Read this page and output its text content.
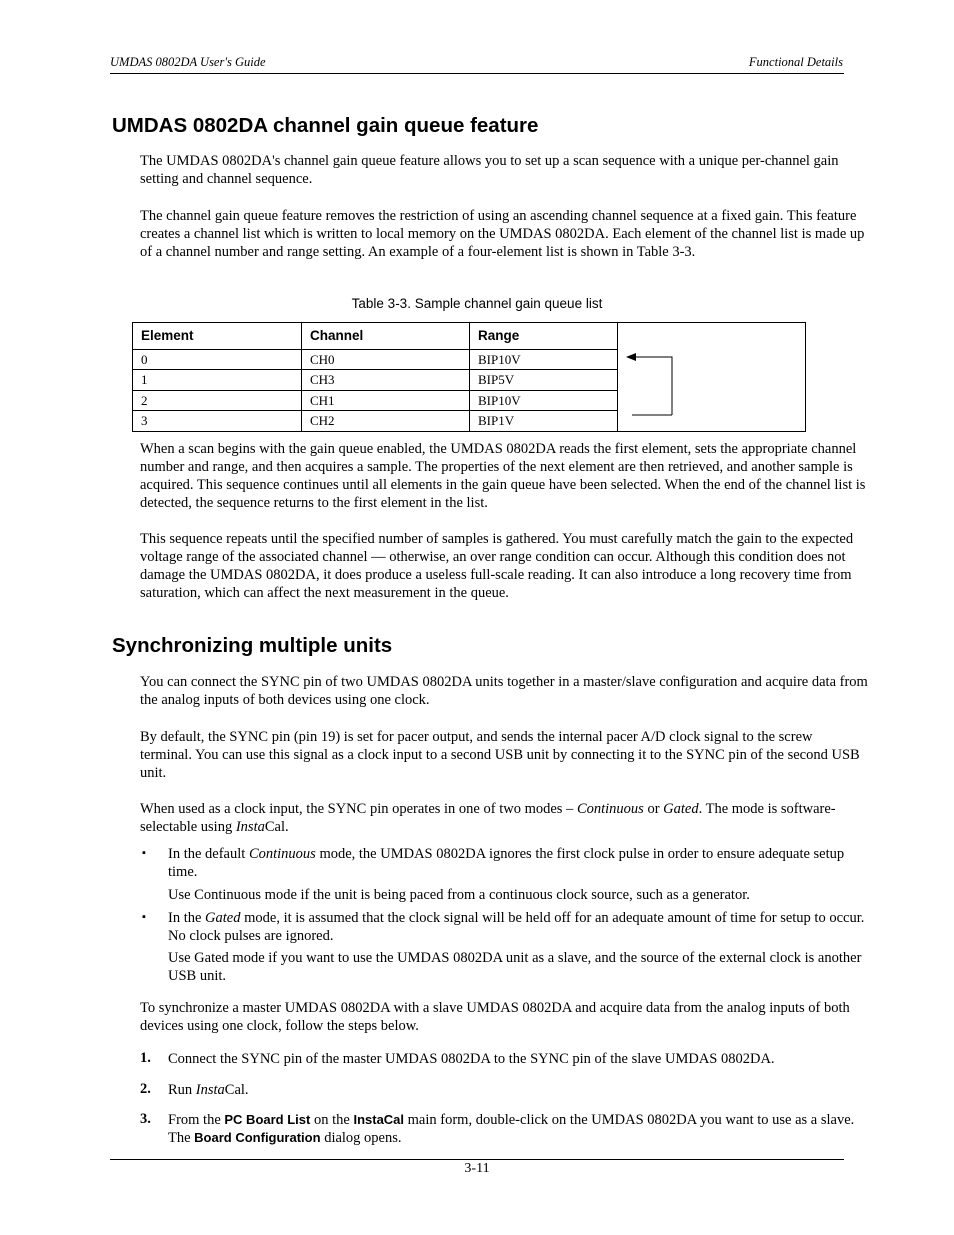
UMDAS 0802DA User's Guide	Functional Details
UMDAS 0802DA channel gain queue feature

The UMDAS 0802DA's channel gain queue feature allows you to set up a scan sequence with a unique per-channel gain setting and channel sequence.

The channel gain queue feature removes the restriction of using an ascending channel sequence at a fixed gain. This feature creates a channel list which is written to local memory on the UMDAS 0802DA. Each element of the channel list is made up of a channel number and range setting. An example of a four-element list is shown in Table 3-3.

Table 3-3. Sample channel gain queue list
Element	Channel	Range	
0	CH0	BIP10V	
1	CH3	BIP5V	
2	CH1	BIP10V	
3	CH2	BIP1V	

When a scan begins with the gain queue enabled, the UMDAS 0802DA reads the first element, sets the appropriate channel number and range, and then acquires a sample. The properties of the next element are then retrieved, and another sample is acquired. This sequence continues until all elements in the gain queue have been selected. When the end of the channel list is detected, the sequence returns to the first element in the list.

This sequence repeats until the specified number of samples is gathered. You must carefully match the gain to the expected voltage range of the associated channel ― otherwise, an over range condition can occur. Although this condition does not damage the UMDAS 0802DA, it does produce a useless full-scale reading. It can also introduce a long recovery time from saturation, which can affect the next measurement in the queue.

Synchronizing multiple units

You can connect the SYNC pin of two UMDAS 0802DA units together in a master/slave configuration and acquire data from the analog inputs of both devices using one clock.

By default, the SYNC pin (pin 19) is set for pacer output, and sends the internal pacer A/D clock signal to the screw terminal. You can use this signal as a clock input to a second USB unit by connecting it to the SYNC pin of the second USB unit.

When used as a clock input, the SYNC pin operates in one of two modes – Continuous or Gated. The mode is software-selectable using InstaCal.

▪ In the default Continuous mode, the UMDAS 0802DA ignores the first clock pulse in order to ensure adequate setup time.

Use Continuous mode if the unit is being paced from a continuous clock source, such as a generator.

▪ In the Gated mode, it is assumed that the clock signal will be held off for an adequate amount of time for setup to occur. No clock pulses are ignored.

Use Gated mode if you want to use the UMDAS 0802DA unit as a slave, and the source of the external clock is another USB unit.

To synchronize a master UMDAS 0802DA with a slave UMDAS 0802DA and acquire data from the analog inputs of both devices using one clock, follow the steps below.

1. Connect the SYNC pin of the master UMDAS 0802DA to the SYNC pin of the slave UMDAS 0802DA.

2. Run InstaCal.

3. From the PC Board List on the InstaCal main form, double-click on the UMDAS 0802DA you want to use as a slave. The Board Configuration dialog opens.

3-11
